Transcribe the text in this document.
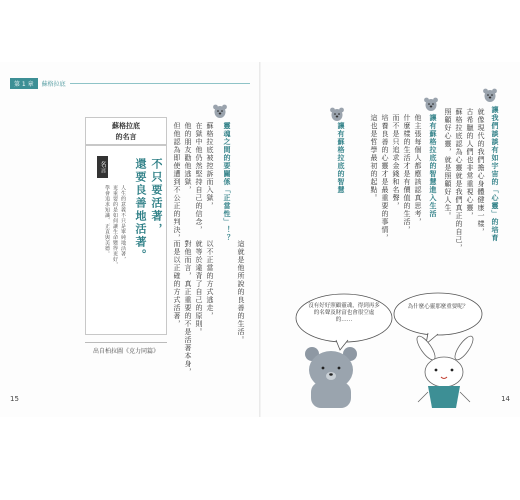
第 1 章	蘇格拉底
蘇格拉底
的名言
名言	不只要活著，
還要良善地活著。
人生的意義不只是單純地活著，
更重要的是如何讓生命變得更好，
學會追求知識、正直與美德。
出自柏拉圖《克力同篇》
靈魂之間的要關係「正當性」！？
蘇格拉底被控訴而入獄，
在獄中他仍然堅持自己的信念，
他的朋友勸他逃獄，
但他認為即使遭到不公正的判決，
以不正當的方式逃走，
就等於違背了自己的原則。
對他而言，真正重要的不是活著本身，
而是以正確的方式活著，	這就是他所說的良善的生活。
15
讓我們談談有如宇宙的「心靈」的培育
就像現代的我們擔心身體健康一樣，
古希臘的人們也非常重視心靈，
蘇格拉底認為心靈就是我們真正的自己，
照顧好心靈，就是照顧好人生。
讓有蘇格拉底的智慧進入生活
他主張每個人都應該認真思考，
什麼樣的生活才是有價值的生活，
而不是只追求金錢和名聲，
培養良善的心靈才是最重要的事情，
這也是哲學最初的起點。
讓有蘇格拉底的智慧
沒有好好照顧靈魂，得到再多的名聲及財富也會很空虛的……
為什麼心靈那麼重要呢？
14
